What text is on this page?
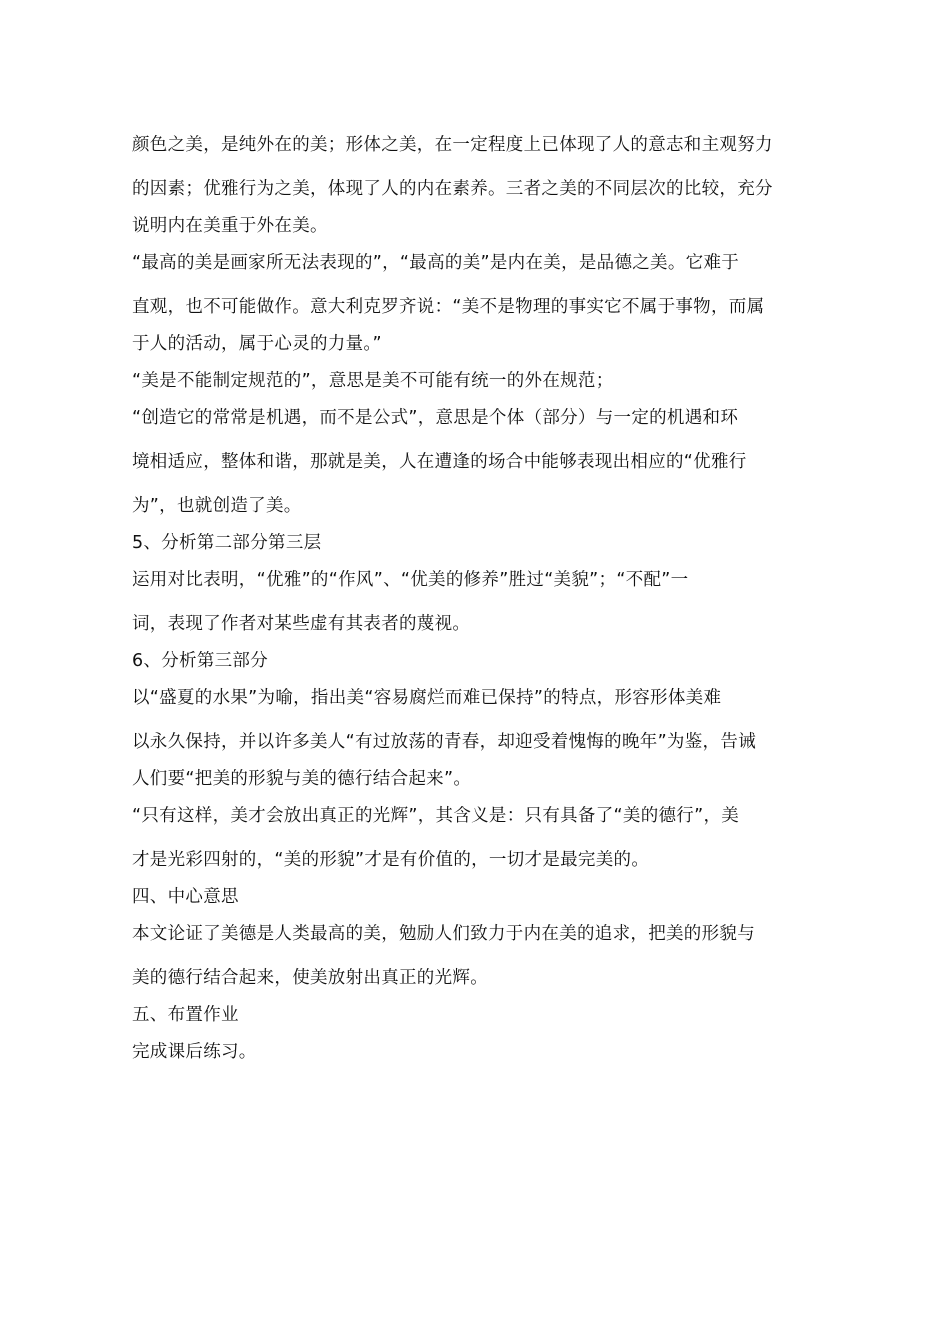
颜色之美，是纯外在的美；形体之美，在一定程度上已体现了人的意志和主观努力
的因素；优雅行为之美，体现了人的内在素养。三者之美的不同层次的比较，充分
说明内在美重于外在美。
“最高的美是画家所无法表现的”，“最高的美”是内在美，是品德之美。它难于
直观，也不可能做作。意大利克罗齐说：“美不是物理的事实它不属于事物，而属
于人的活动，属于心灵的力量。”
“美是不能制定规范的”，意思是美不可能有统一的外在规范；
“创造它的常常是机遇，而不是公式”，意思是个体（部分）与一定的机遇和环
境相适应，整体和谐，那就是美，人在遭逢的场合中能够表现出相应的“优雅行
为”，也就创造了美。
5、分析第二部分第三层
运用对比表明，“优雅”的“作风”、“优美的修养”胜过“美貌”；“不配”一
词，表现了作者对某些虚有其表者的蔑视。
6、分析第三部分
以“盛夏的水果”为喻，指出美“容易腐烂而难已保持”的特点，形容形体美难
以永久保持，并以许多美人“有过放荡的青春，却迎受着愧悔的晚年”为鉴，告诫
人们要“把美的形貌与美的德行结合起来”。
“只有这样，美才会放出真正的光辉”，其含义是：只有具备了“美的德行”，美
才是光彩四射的，“美的形貌”才是有价值的，一切才是最完美的。
四、中心意思
本文论证了美德是人类最高的美，勉励人们致力于内在美的追求，把美的形貌与
美的德行结合起来，使美放射出真正的光辉。
五、布置作业
完成课后练习。
